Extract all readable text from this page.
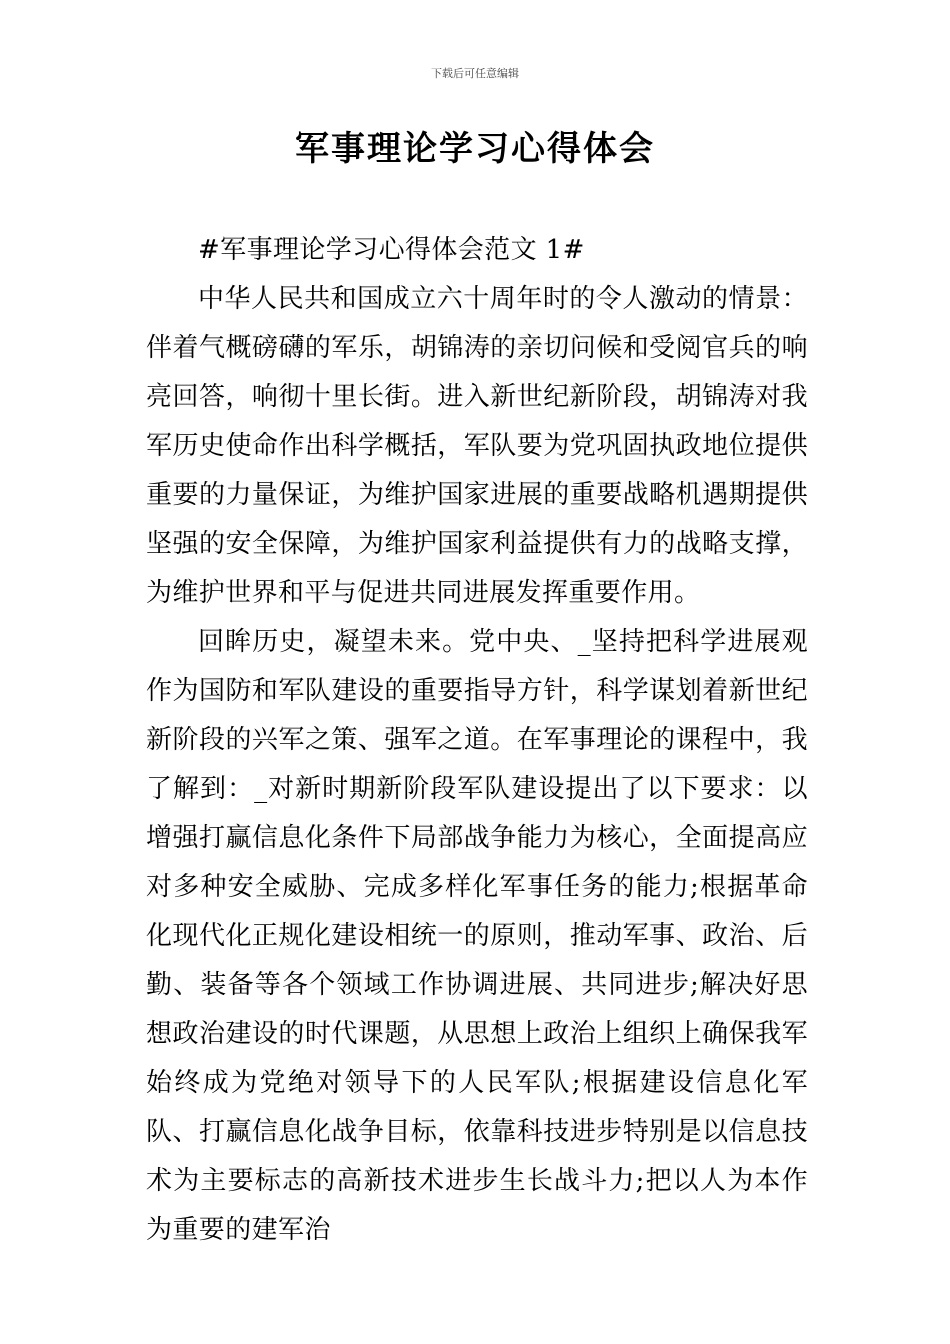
下载后可任意编辑
军事理论学习心得体会

#军事理论学习心得体会范文 1#

中华人民共和国成立六十周年时的令人激动的情景：伴着气概磅礴的军乐，胡锦涛的亲切问候和受阅官兵的响亮回答，响彻十里长街。进入新世纪新阶段，胡锦涛对我军历史使命作出科学概括，军队要为党巩固执政地位提供重要的力量保证，为维护国家进展的重要战略机遇期提供坚强的安全保障，为维护国家利益提供有力的战略支撑，为维护世界和平与促进共同进展发挥重要作用。

回眸历史，凝望未来。党中央、_坚持把科学进展观作为国防和军队建设的重要指导方针，科学谋划着新世纪新阶段的兴军之策、强军之道。在军事理论的课程中，我了解到：_对新时期新阶段军队建设提出了以下要求：以增强打赢信息化条件下局部战争能力为核心，全面提高应对多种安全威胁、完成多样化军事任务的能力;根据革命化现代化正规化建设相统一的原则，推动军事、政治、后勤、装备等各个领域工作协调进展、共同进步;解决好思想政治建设的时代课题，从思想上政治上组织上确保我军始终成为党绝对领导下的人民军队;根据建设信息化军队、打赢信息化战争目标，依靠科技进步特别是以信息技术为主要标志的高新技术进步生长战斗力;把以人为本作为重要的建军治
